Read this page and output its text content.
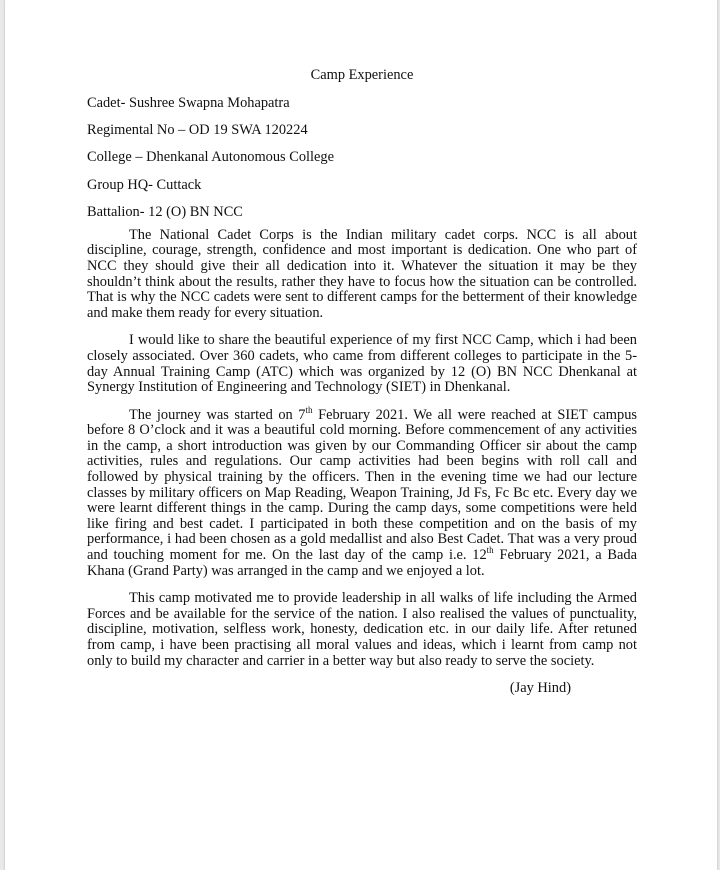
Camp Experience
Cadet- Sushree Swapna Mohapatra
Regimental No – OD 19 SWA 120224
College – Dhenkanal Autonomous College
Group HQ- Cuttack
Battalion- 12 (O) BN NCC

The National Cadet Corps is the Indian military cadet corps. NCC is all about discipline, courage, strength, confidence and most important is dedication. One who part of NCC they should give their all dedication into it. Whatever the situation it may be they shouldn’t think about the results, rather they have to focus how the situation can be controlled. That is why the NCC cadets were sent to different camps for the betterment of their knowledge and make them ready for every situation.

I would like to share the beautiful experience of my first NCC Camp, which i had been closely associated. Over 360 cadets, who came from different colleges to participate in the 5-day Annual Training Camp (ATC) which was organized by 12 (O) BN NCC Dhenkanal at Synergy Institution of Engineering and Technology (SIET) in Dhenkanal.

The journey was started on 7th February 2021. We all were reached at SIET campus before 8 O’clock and it was a beautiful cold morning. Before commencement of any activities in the camp, a short introduction was given by our Commanding Officer sir about the camp activities, rules and regulations. Our camp activities had been begins with roll call and followed by physical training by the officers. Then in the evening time we had our lecture classes by military officers on Map Reading, Weapon Training, Jd Fs, Fc Bc etc. Every day we were learnt different things in the camp. During the camp days, some competitions were held like firing and best cadet. I participated in both these competition and on the basis of my performance, i had been chosen as a gold medallist and also Best Cadet. That was a very proud and touching moment for me. On the last day of the camp i.e. 12th February 2021, a Bada Khana (Grand Party) was arranged in the camp and we enjoyed a lot.

This camp motivated me to provide leadership in all walks of life including the Armed Forces and be available for the service of the nation. I also realised the values of punctuality, discipline, motivation, selfless work, honesty, dedication etc. in our daily life. After retuned from camp, i have been practising all moral values and ideas, which i learnt from camp not only to build my character and carrier in a better way but also ready to serve the society.

(Jay Hind)
